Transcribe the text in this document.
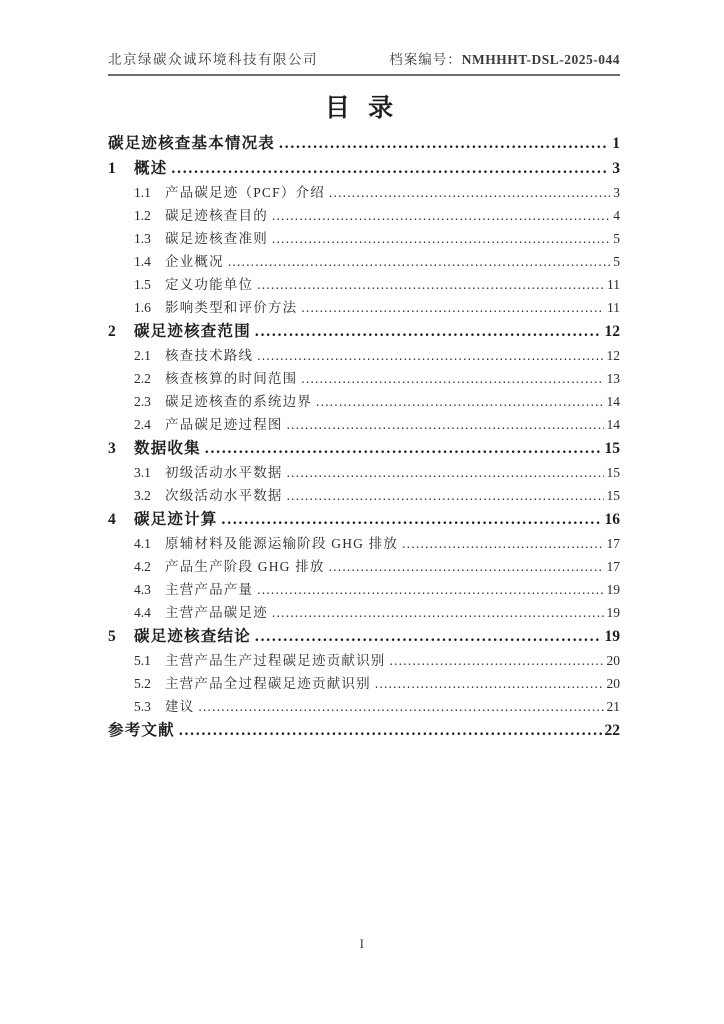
北京绿碳众诚环境科技有限公司	档案编号：NMHHHT-DSL-2025-044
目 录
碳足迹核查基本情况表 .....	1
1	概述 .....	3
1.1	产品碳足迹（PCF）介绍 .....	3
1.2	碳足迹核查目的 .....	4
1.3	碳足迹核查准则 .....	5
1.4	企业概况 .....	5
1.5	定义功能单位 .....	11
1.6	影响类型和评价方法 .....	11
2	碳足迹核查范围 .....	12
2.1	核查技术路线 .....	12
2.2	核查核算的时间范围 .....	13
2.3	碳足迹核查的系统边界 .....	14
2.4	产品碳足迹过程图 .....	14
3	数据收集 .....	15
3.1	初级活动水平数据 .....	15
3.2	次级活动水平数据 .....	15
4	碳足迹计算 .....	16
4.1	原辅材料及能源运输阶段 GHG 排放 .....	17
4.2	产品生产阶段 GHG 排放 .....	17
4.3	主营产品产量 .....	19
4.4	主营产品碳足迹 .....	19
5	碳足迹核查结论 .....	19
5.1	主营产品生产过程碳足迹贡献识别 .....	20
5.2	主营产品全过程碳足迹贡献识别 .....	20
5.3	建议 .....	21
参考文献 .....	22
I
